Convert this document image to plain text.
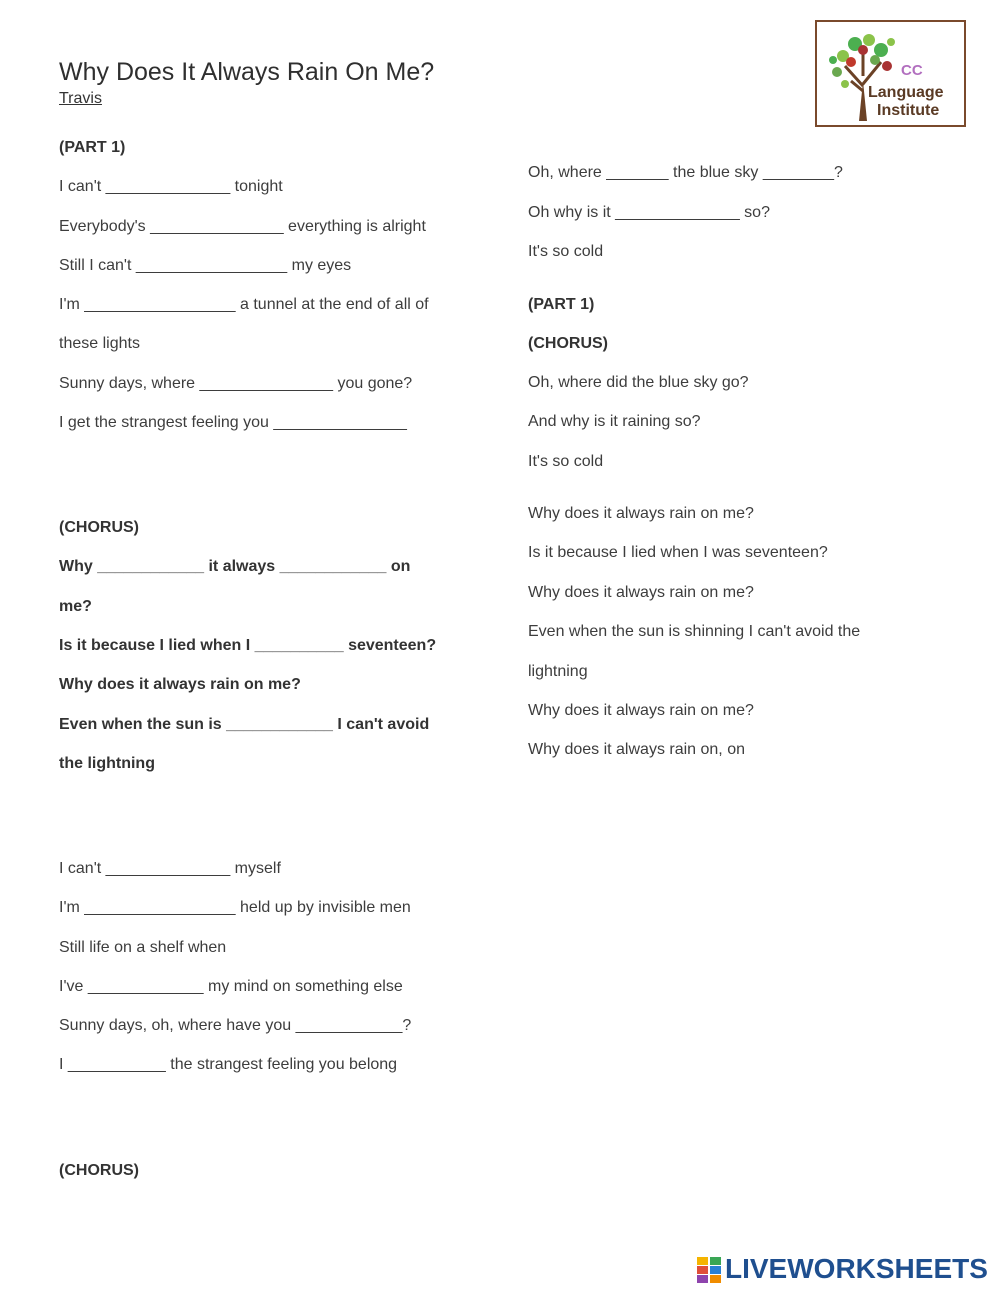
Why Does It Always Rain On Me?
Travis
CC
Language
Institute
(PART 1)
I can't ______________ tonight
Everybody's _______________ everything is alright
Still I can't _________________ my eyes
I'm _________________ a tunnel at the end of all of
these lights
Sunny days, where _______________ you gone?
I get the strangest feeling you _______________
(CHORUS)
Why ____________ it always ____________ on
me?
Is it because I lied when I __________ seventeen?
Why does it always rain on me?
Even when the sun is ____________ I can't avoid
the lightning
I can't ______________ myself
I'm _________________ held up by invisible men
Still life on a shelf when
I've _____________ my mind on something else
Sunny days, oh, where have you ____________?
I ___________ the strangest feeling you belong
(CHORUS)
Oh, where _______ the blue sky ________?
Oh why is it ______________ so?
It's so cold
(PART 1)
(CHORUS)
Oh, where did the blue sky go?
And why is it raining so?
It's so cold
Why does it always rain on me?
Is it because I lied when I was seventeen?
Why does it always rain on me?
Even when the sun is shinning I can't avoid the
lightning
Why does it always rain on me?
Why does it always rain on, on
LIVEWORKSHEETS
